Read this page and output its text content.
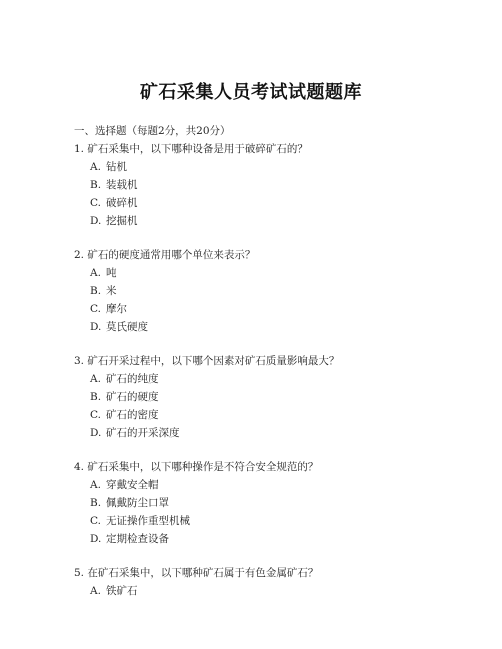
矿石采集人员考试试题题库
一、选择题（每题2分，共20分）
1. 矿石采集中，以下哪种设备是用于破碎矿石的？
A. 钻机
B. 装载机
C. 破碎机
D. 挖掘机
2. 矿石的硬度通常用哪个单位来表示？
A. 吨
B. 米
C. 摩尔
D. 莫氏硬度
3. 矿石开采过程中，以下哪个因素对矿石质量影响最大？
A. 矿石的纯度
B. 矿石的硬度
C. 矿石的密度
D. 矿石的开采深度
4. 矿石采集中，以下哪种操作是不符合安全规范的？
A. 穿戴安全帽
B. 佩戴防尘口罩
C. 无证操作重型机械
D. 定期检查设备
5. 在矿石采集中，以下哪种矿石属于有色金属矿石？
A. 铁矿石
